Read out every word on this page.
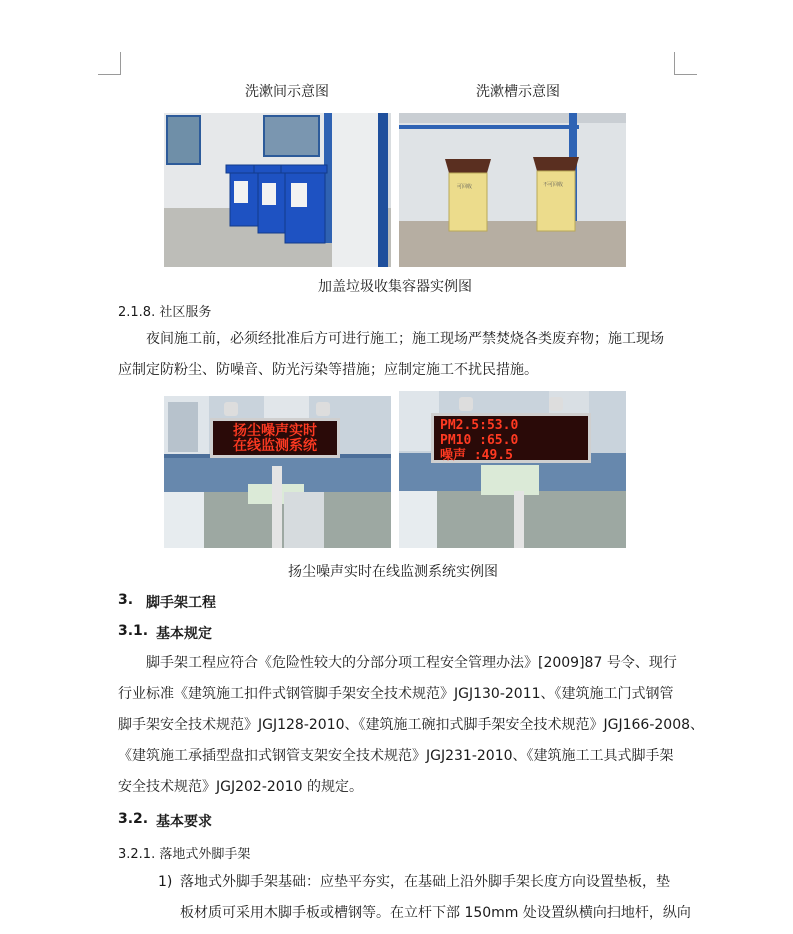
洗漱间示意图	洗漱槽示意图
可回收	不可回收
加盖垃圾收集容器实例图
2.1.8. 社区服务
夜间施工前，必须经批准后方可进行施工；施工现场严禁焚烧各类废弃物；施工现场
应制定防粉尘、防噪音、防光污染等措施；应制定施工不扰民措施。
扬尘噪声实时
在线监测系统
PM2.5:53.0
PM10 :65.0
噪声 :49.5
扬尘噪声实时在线监测系统实例图
3. 脚手架工程
3.1. 基本规定
脚手架工程应符合《危险性较大的分部分项工程安全管理办法》[2009]87 号令、现行
行业标准《建筑施工扣件式钢管脚手架安全技术规范》JGJ130-2011、《建筑施工门式钢管
脚手架安全技术规范》JGJ128-2010、《建筑施工碗扣式脚手架安全技术规范》JGJ166-2008、
《建筑施工承插型盘扣式钢管支架安全技术规范》JGJ231-2010、《建筑施工工具式脚手架
安全技术规范》JGJ202-2010 的规定。
3.2. 基本要求
3.2.1. 落地式外脚手架
1) 落地式外脚手架基础：应垫平夯实，在基础上沿外脚手架长度方向设置垫板，垫
板材质可采用木脚手板或槽钢等。在立杆下部 150mm 处设置纵横向扫地杆，纵向
